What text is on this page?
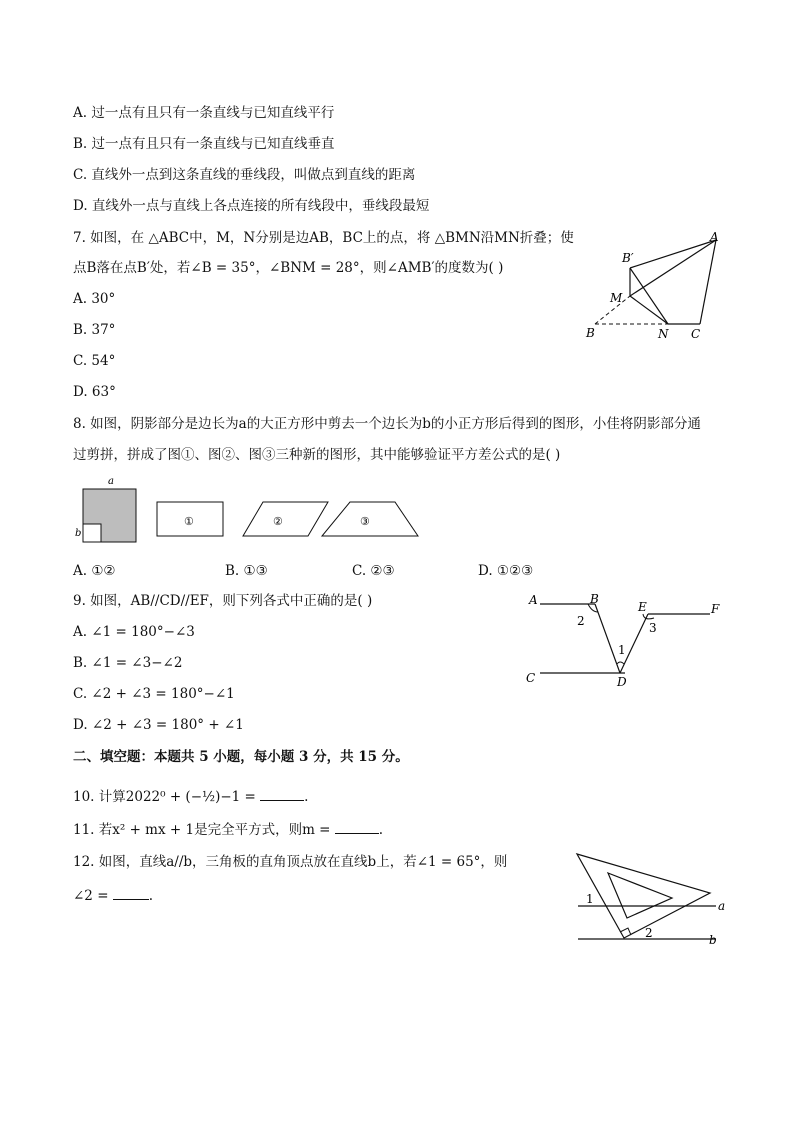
A. 过一点有且只有一条直线与已知直线平行
B. 过一点有且只有一条直线与已知直线垂直
C. 直线外一点到这条直线的垂线段，叫做点到直线的距离
D. 直线外一点与直线上各点连接的所有线段中，垂线段最短
7. 如图，在 △ABC中，M，N分别是边AB，BC上的点，将 △BMN沿MN折叠；使
点B落在点B′处，若∠B = 35°，∠BNM = 28°，则∠AMB′的度数为( )
A. 30°
B. 37°
C. 54°
D. 63°
A
B′
M
B	N C
8. 如图，阴影部分是边长为a的大正方形中剪去一个边长为b的小正方形后得到的图形，小佳将阴影部分通
过剪拼，拼成了图①、图②、图③三种新的图形，其中能够验证平方差公式的是( )
a
b
①	②	③
A. ①②	B. ①③	C. ②③	D. ①②③
9. 如图，AB//CD//EF，则下列各式中正确的是( )
A. ∠1 = 180°−∠3
B. ∠1 = ∠3−∠2
C. ∠2 + ∠3 = 180°−∠1
D. ∠2 + ∠3 = 180° + ∠1
A	B
E	F
2	3
1
C	D
二、填空题：本题共 5 小题，每小题 3 分，共 15 分。
10. 计算2022⁰ + (−½)−1 =	.
11. 若x² + mx + 1是完全平方式，则m =	.
12. 如图，直线a//b，三角板的直角顶点放在直线b上，若∠1 = 65°，则
∠2 =	.	1
2
a
b
